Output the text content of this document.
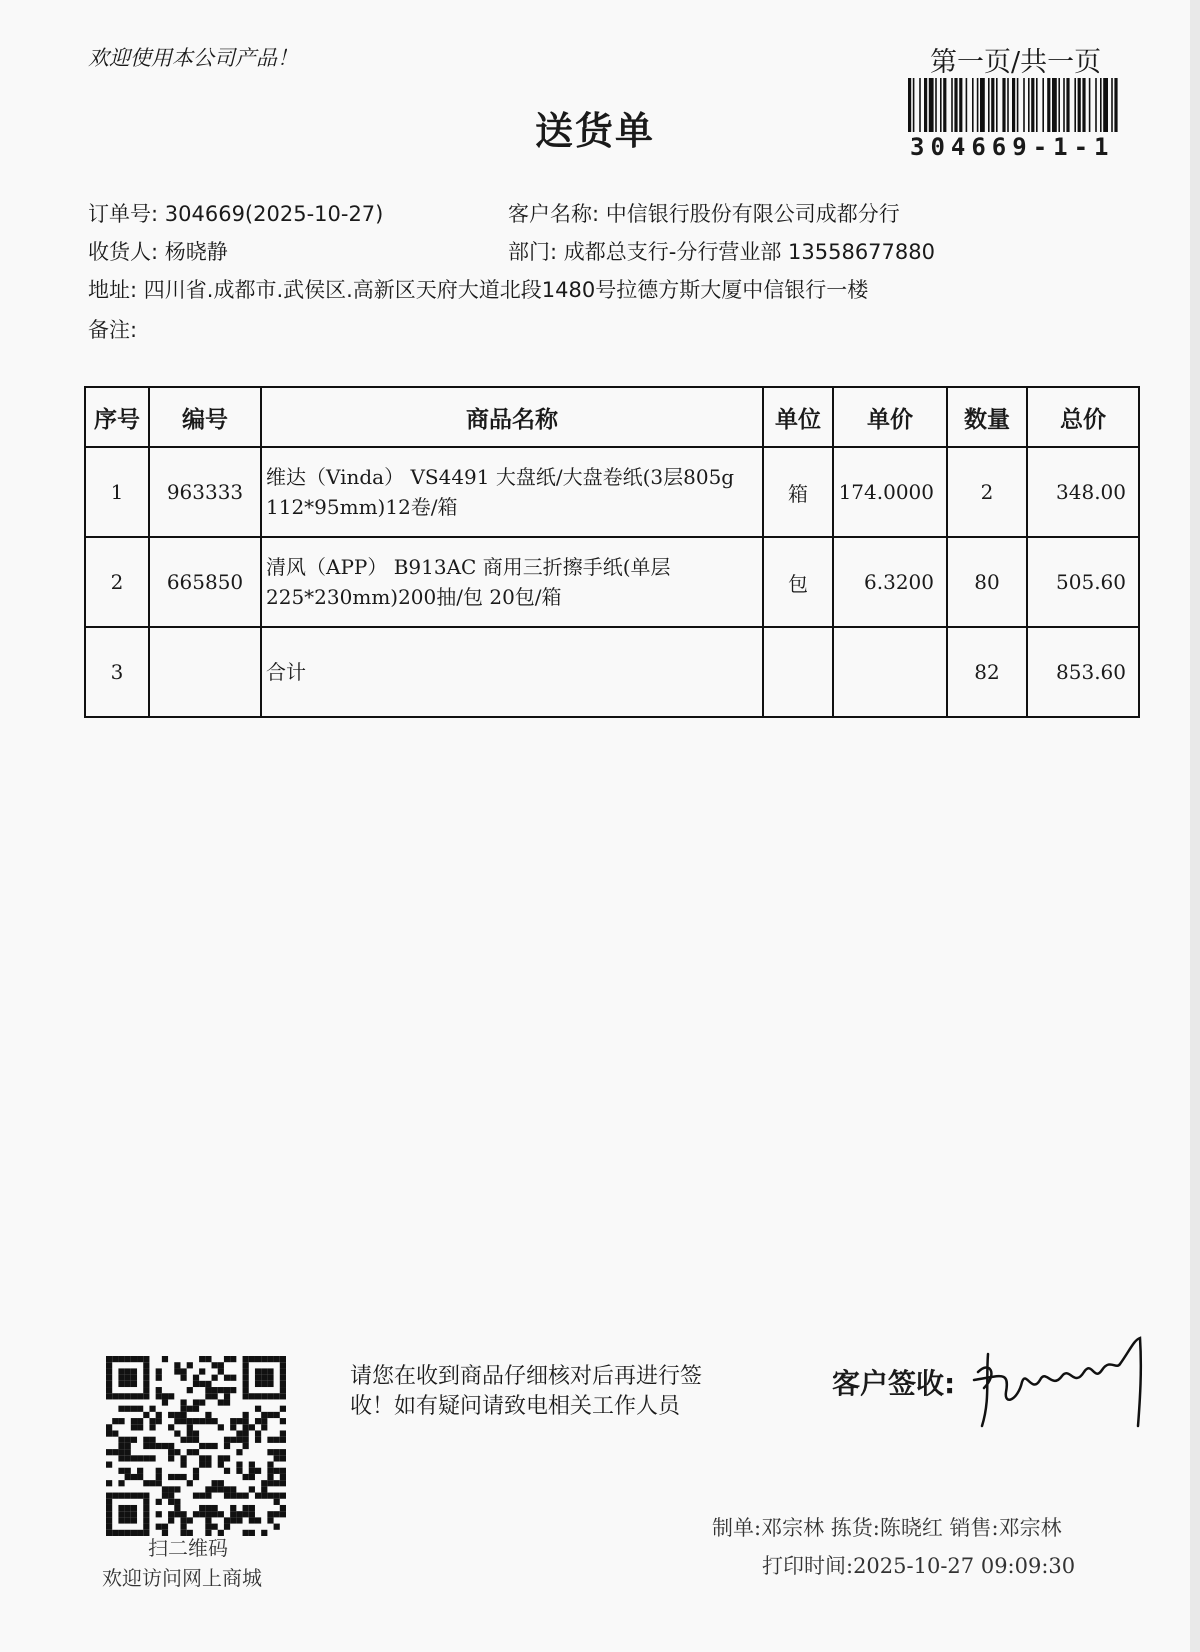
欢迎使用本公司产品！	第一页/共一页
送货单	304669-1-1
订单号: 304669(2025-10-27)	客户名称: 中信银行股份有限公司成都分行
收货人: 杨晓静	部门: 成都总支行-分行营业部 13558677880
地址: 四川省.成都市.武侯区.高新区天府大道北段1480号拉德方斯大厦中信银行一楼
备注:
序号	编号	商品名称	单位	单价	数量	总价
1	963333	维达（Vinda） VS4491 大盘纸/大盘卷纸(3层805g
112*95mm)12卷/箱	箱	174.0000	2	348.00
2	665850	清风（APP） B913AC 商用三折擦手纸(单层
225*230mm)200抽/包 20包/箱	包	6.3200	80	505.60
3		合计			82	853.60
扫二维码
欢迎访问网上商城
请您在收到商品仔细核对后再进行签
收！如有疑问请致电相关工作人员
客户签收:
制单:邓宗林 拣货:陈晓红 销售:邓宗林
打印时间:2025-10-27 09:09:30
